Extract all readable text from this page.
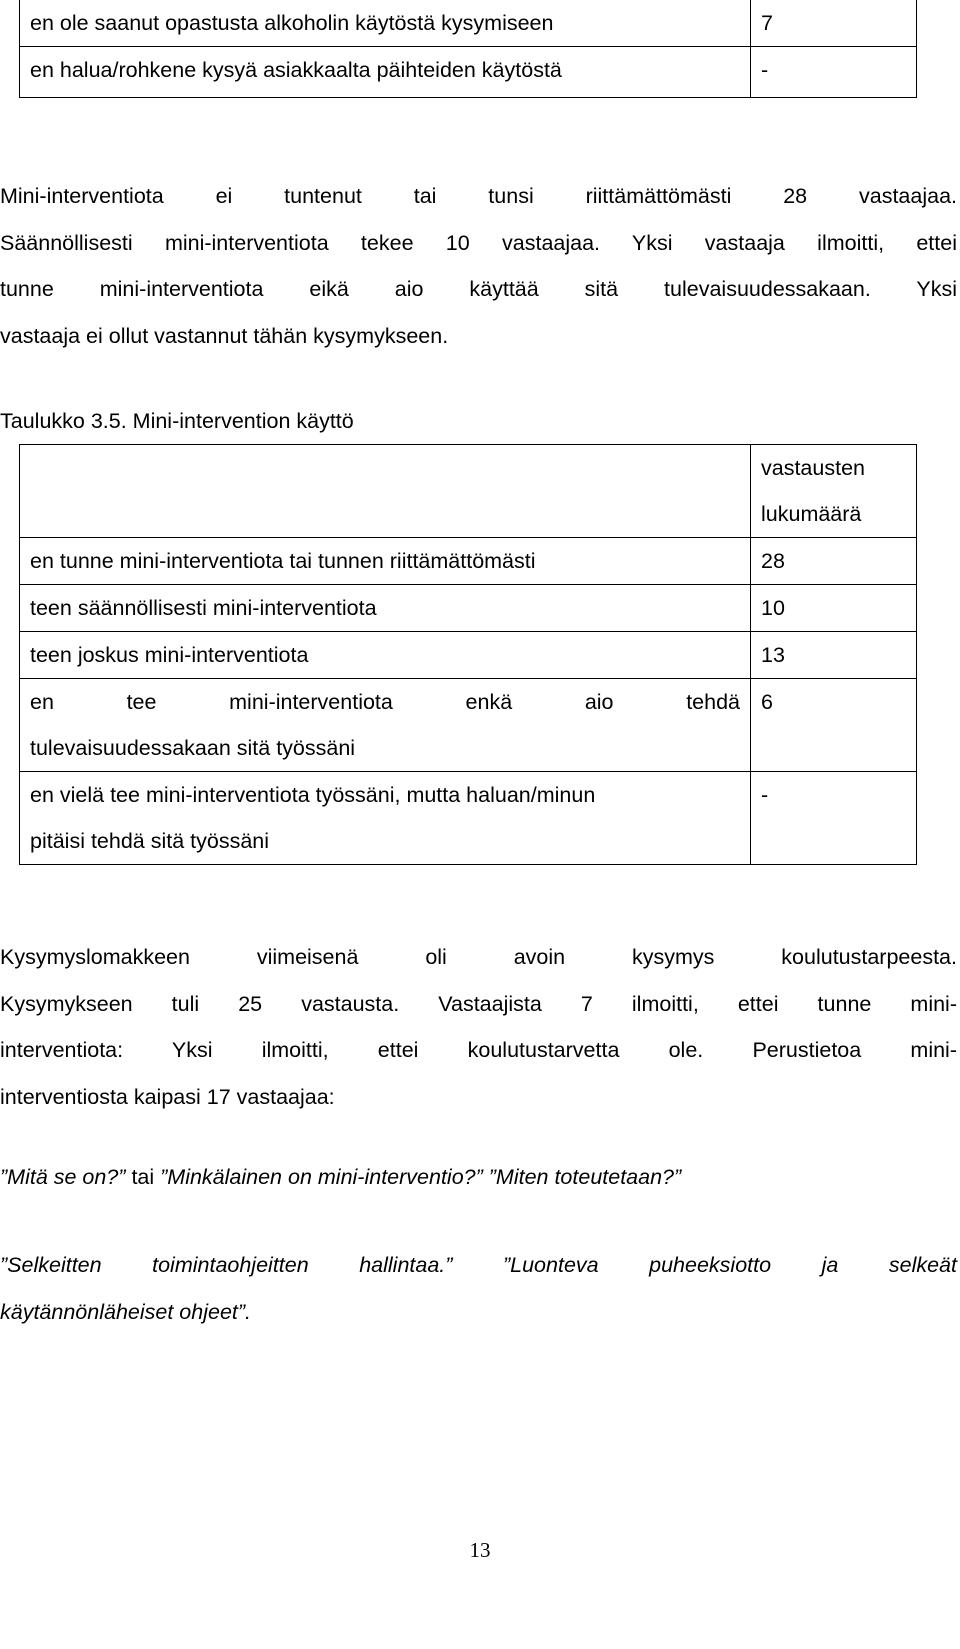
en ole saanut opastusta alkoholin käytöstä kysymiseen	7
en halua/rohkene kysyä asiakkaalta päihteiden käytöstä	-
Mini-interventiota ei tuntenut tai tunsi riittämättömästi 28 vastaajaa.
Säännöllisesti mini-interventiota tekee 10 vastaajaa. Yksi vastaaja ilmoitti, ettei
tunne mini-interventiota eikä aio käyttää sitä tulevaisuudessakaan. Yksi
vastaaja ei ollut vastannut tähän kysymykseen.

Taulukko 3.5. Mini-intervention käyttö

	vastausten
lukumäärä

en tunne mini-interventiota tai tunnen riittämättömästi	28
teen säännöllisesti mini-interventiota	10
teen joskus mini-interventiota	13

en tee mini-interventiota enkä aio tehdä
tulevaisuudessakaan sitä työssäni	6

en vielä tee mini-interventiota työssäni, mutta haluan/minun
pitäisi tehdä sitä työssäni	-
Kysymyslomakkeen viimeisenä oli avoin kysymys koulutustarpeesta.
Kysymykseen tuli 25 vastausta. Vastaajista 7 ilmoitti, ettei tunne mini-
interventiota: Yksi ilmoitti, ettei koulutustarvetta ole. Perustietoa mini-
interventiosta kaipasi 17 vastaajaa:
”Mitä se on?” tai ”Minkälainen on mini-interventio?” ”Miten toteutetaan?”
”Selkeitten toimintaohjeitten hallintaa.” ”Luonteva puheeksiotto ja selkeät
käytännönläheiset ohjeet”.
13
